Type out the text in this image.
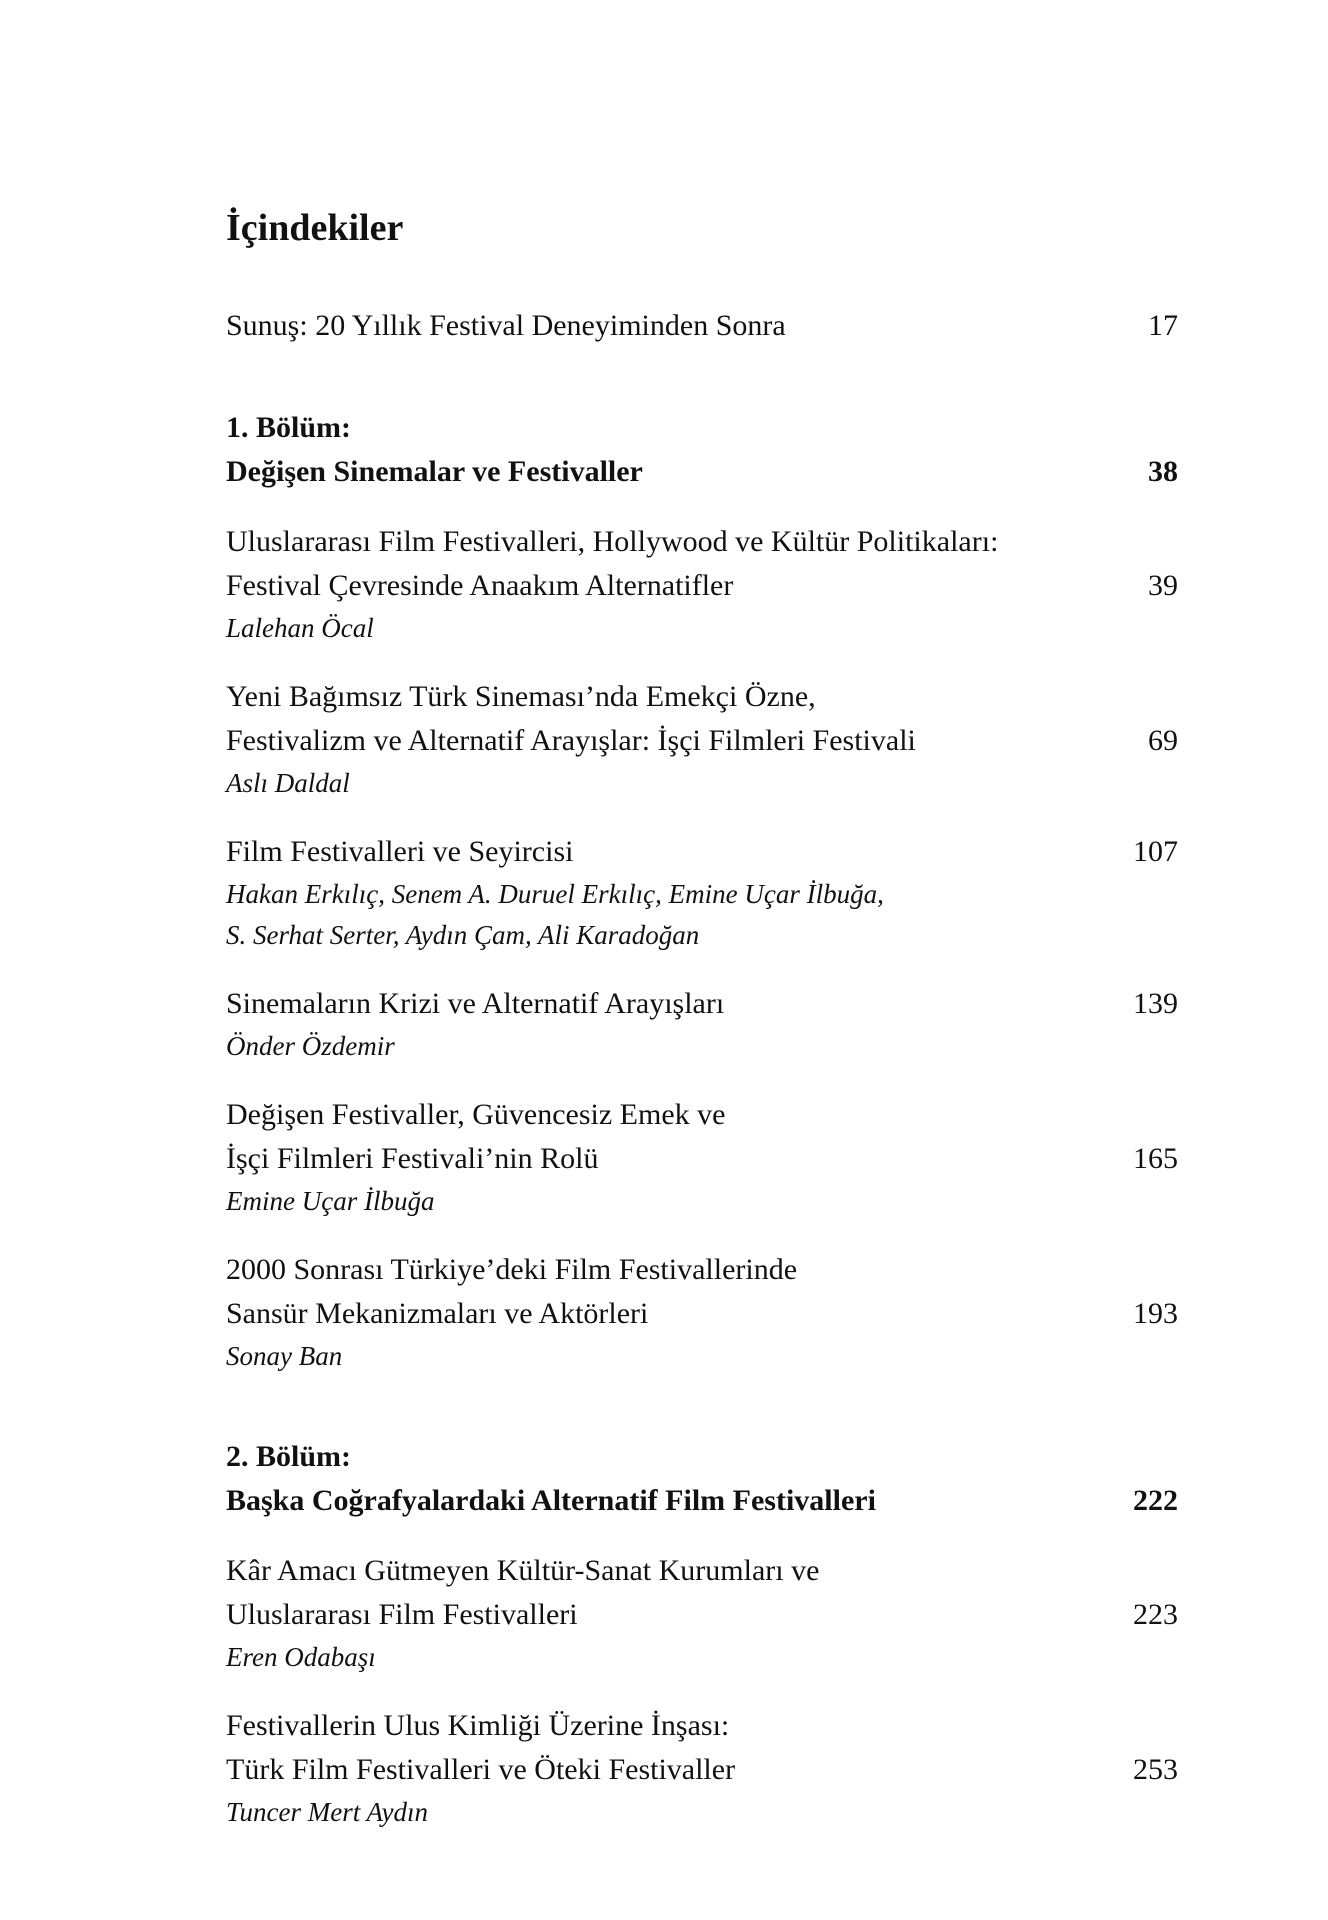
İçindekiler
Sunuş: 20 Yıllık Festival Deneyiminden Sonra	17
1. Bölüm:
Değişen Sinemalar ve Festivaller	38
Uluslararası Film Festivalleri, Hollywood ve Kültür Politikaları:
Festival Çevresinde Anaakım Alternatifler	39
Lalehan Öcal
Yeni Bağımsız Türk Sineması’nda Emekçi Özne,
Festivalizm ve Alternatif Arayışlar: İşçi Filmleri Festivali	69
Aslı Daldal
Film Festivalleri ve Seyircisi	107
Hakan Erkılıç, Senem A. Duruel Erkılıç, Emine Uçar İlbuğa,
S. Serhat Serter, Aydın Çam, Ali Karadoğan
Sinemaların Krizi ve Alternatif Arayışları	139
Önder Özdemir
Değişen Festivaller, Güvencesiz Emek ve
İşçi Filmleri Festivali’nin Rolü	165
Emine Uçar İlbuğa
2000 Sonrası Türkiye’deki Film Festivallerinde
Sansür Mekanizmaları ve Aktörleri	193
Sonay Ban
2. Bölüm:
Başka Coğrafyalardaki Alternatif Film Festivalleri	222
Kâr Amacı Gütmeyen Kültür-Sanat Kurumları ve
Uluslararası Film Festivalleri	223
Eren Odabaşı
Festivallerin Ulus Kimliği Üzerine İnşası:
Türk Film Festivalleri ve Öteki Festivaller	253
Tuncer Mert Aydın
